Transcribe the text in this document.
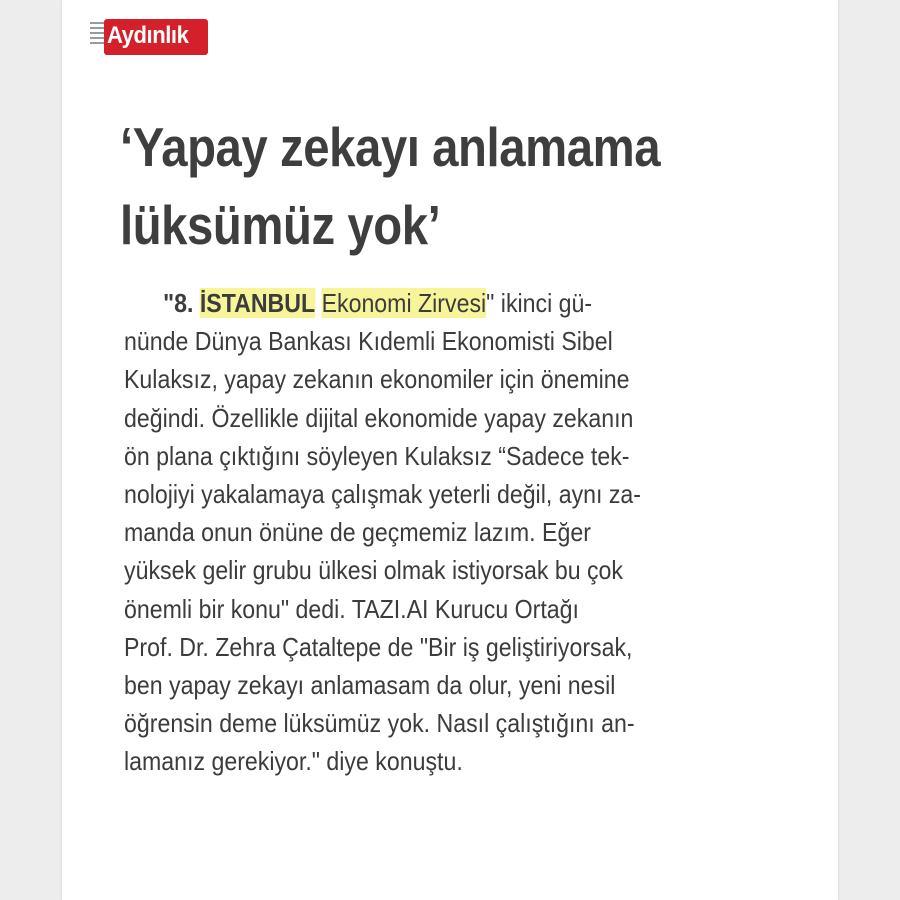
Aydınlık
‘Yapay zekayı anlamama
lüksümüz yok’
"8. İSTANBUL Ekonomi Zirvesi" ikinci gü-
nünde Dünya Bankası Kıdemli Ekonomisti Sibel
Kulaksız, yapay zekanın ekonomiler için önemine
değindi. Özellikle dijital ekonomide yapay zekanın
ön plana çıktığını söyleyen Kulaksız “Sadece tek-
nolojiyi yakalamaya çalışmak yeterli değil, aynı za-
manda onun önüne de geçmemiz lazım. Eğer
yüksek gelir grubu ülkesi olmak istiyorsak bu çok
önemli bir konu" dedi. TAZI.AI Kurucu Ortağı
Prof. Dr. Zehra Çataltepe de "Bir iş geliştiriyorsak,
ben yapay zekayı anlamasam da olur, yeni nesil
öğrensin deme lüksümüz yok. Nasıl çalıştığını an-
lamanız gerekiyor." diye konuştu.
